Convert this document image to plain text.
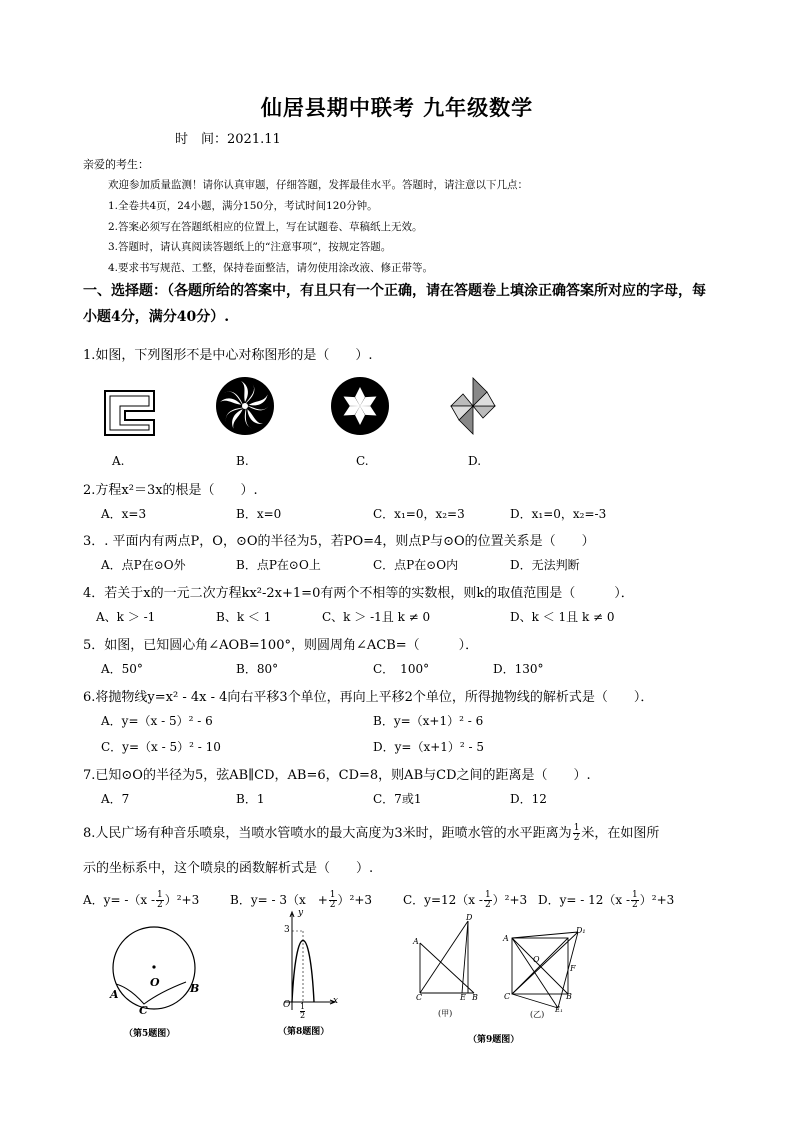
仙居县期中联考 九年级数学
时　间：2021.11
亲爱的考生：
欢迎参加质量监测！请你认真审题，仔细答题，发挥最佳水平。答题时，请注意以下几点：
1.全卷共4页，24小题，满分150分，考试时间120分钟。
2.答案必须写在答题纸相应的位置上，写在试题卷、草稿纸上无效。
3.答题时，请认真阅读答题纸上的“注意事项”，按规定答题。
4.要求书写规范、工整，保持卷面整洁，请勿使用涂改液、修正带等。
一、选择题：（各题所给的答案中，有且只有一个正确，请在答题卷上填涂正确答案所对应的字母，每
小题4分，满分40分）.
1.如图，下列图形不是中心对称图形的是（　　）.
A.	B.	C.	D.
2.方程x²＝3x的根是（　　）.
A．x=3	B．x=0	C．x₁=0，x₂=3	D．x₁=0，x₂=-3
3．. 平面内有两点P，O，⊙O的半径为5，若PO=4，则点P与⊙O的位置关系是（　　）
A．点P在⊙O外	B．点P在⊙O上	C．点P在⊙O内	D．无法判断
4．若关于x的一元二次方程kx²-2x+1=0有两个不相等的实数根，则k的取值范围是（　　　）．
A、k ＞ -1	B、k ＜ 1	C、k ＞ -1且 k ≠ 0	D、k ＜ 1且 k ≠ 0
5．如图，已知圆心角∠AOB=100°，则圆周角∠ACB=（　　　）．
A．50°	B．80°	C．　100°	D．130°
6.将抛物线y=x² - 4x - 4向右平移3个单位，再向上平移2个单位，所得抛物线的解析式是（　　）．
A．y=（x - 5）² - 6	B．y=（x+1）² - 6
C．y=（x - 5）² - 10	D．y=（x+1）² - 5
7.已知⊙O的半径为5，弦AB∥CD，AB=6，CD=8，则AB与CD之间的距离是（　　）.
A．7	B．1	C．7或1	D．12
8.人民广场有种音乐喷泉，当喷水管喷水的最大高度为3米时，距喷水管的水平距离为 $\frac{1}{2}$ 米，在如图所
示的坐标系中，这个喷泉的函数解析式是（　　）.
A．$y= -(x - \frac{1}{2} )^2+3$	B．y= - 3（x　+ $\frac{1}{2} )^2+3$	C．$y=12(x - \frac{1}{2} )^2+3$ D．$y= - 12(x - \frac{1}{2} )^2+3$
O
A	B
C
（第5题图）
y
3
O	x
$\frac{1}{2}$
（第8题图）
D
A
C	E B
(甲)
A
D₁
O
F
C	B
E₁
(乙)
（第9题图）
